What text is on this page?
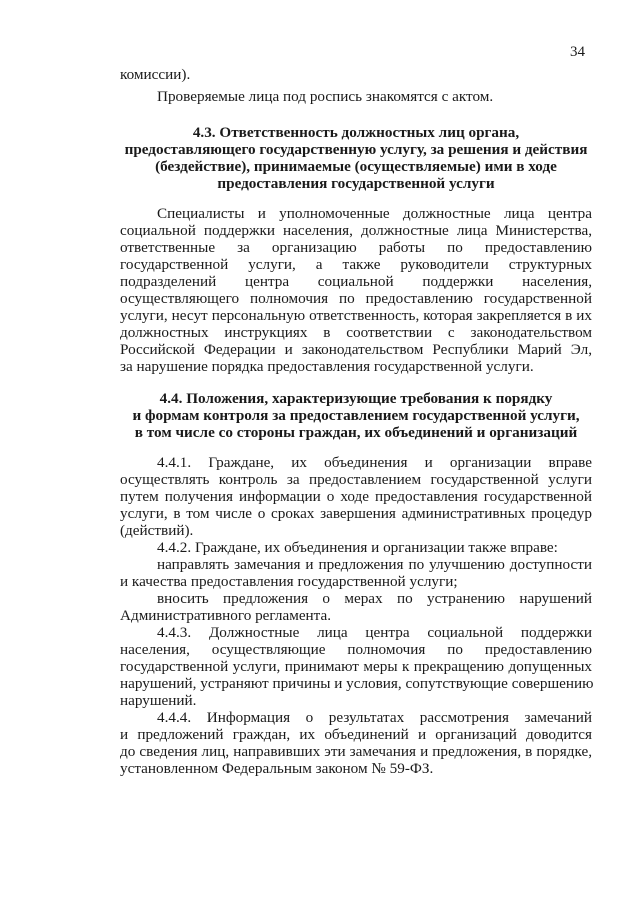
34
комиссии).
Проверяемые лица под роспись знакомятся с актом.
4.3. Ответственность должностных лиц органа,
предоставляющего государственную услугу, за решения и действия
(бездействие), принимаемые (осуществляемые) ими в ходе
предоставления государственной услуги
Специалисты и уполномоченные должностные лица центра
социальной поддержки населения, должностные лица Министерства,
ответственные за организацию работы по предоставлению
государственной услуги, а также руководители структурных
подразделений центра социальной поддержки населения,
осуществляющего полномочия по предоставлению государственной
услуги, несут персональную ответственность, которая закрепляется в их
должностных инструкциях в соответствии с законодательством
Российской Федерации и законодательством Республики Марий Эл,
за нарушение порядка предоставления государственной услуги.
4.4. Положения, характеризующие требования к порядку
и формам контроля за предоставлением государственной услуги,
в том числе со стороны граждан, их объединений и организаций
4.4.1. Граждане, их объединения и организации вправе
осуществлять контроль за предоставлением государственной услуги
путем получения информации о ходе предоставления государственной
услуги, в том числе о сроках завершения административных процедур
(действий).
4.4.2. Граждане, их объединения и организации также вправе:
направлять замечания и предложения по улучшению доступности
и качества предоставления государственной услуги;
вносить предложения о мерах по устранению нарушений
Административного регламента.
4.4.3. Должностные лица центра социальной поддержки
населения, осуществляющие полномочия по предоставлению
государственной услуги, принимают меры к прекращению допущенных
нарушений, устраняют причины и условия, сопутствующие совершению
нарушений.
4.4.4. Информация о результатах рассмотрения замечаний
и предложений граждан, их объединений и организаций доводится
до сведения лиц, направивших эти замечания и предложения, в порядке,
установленном Федеральным законом № 59-ФЗ.
